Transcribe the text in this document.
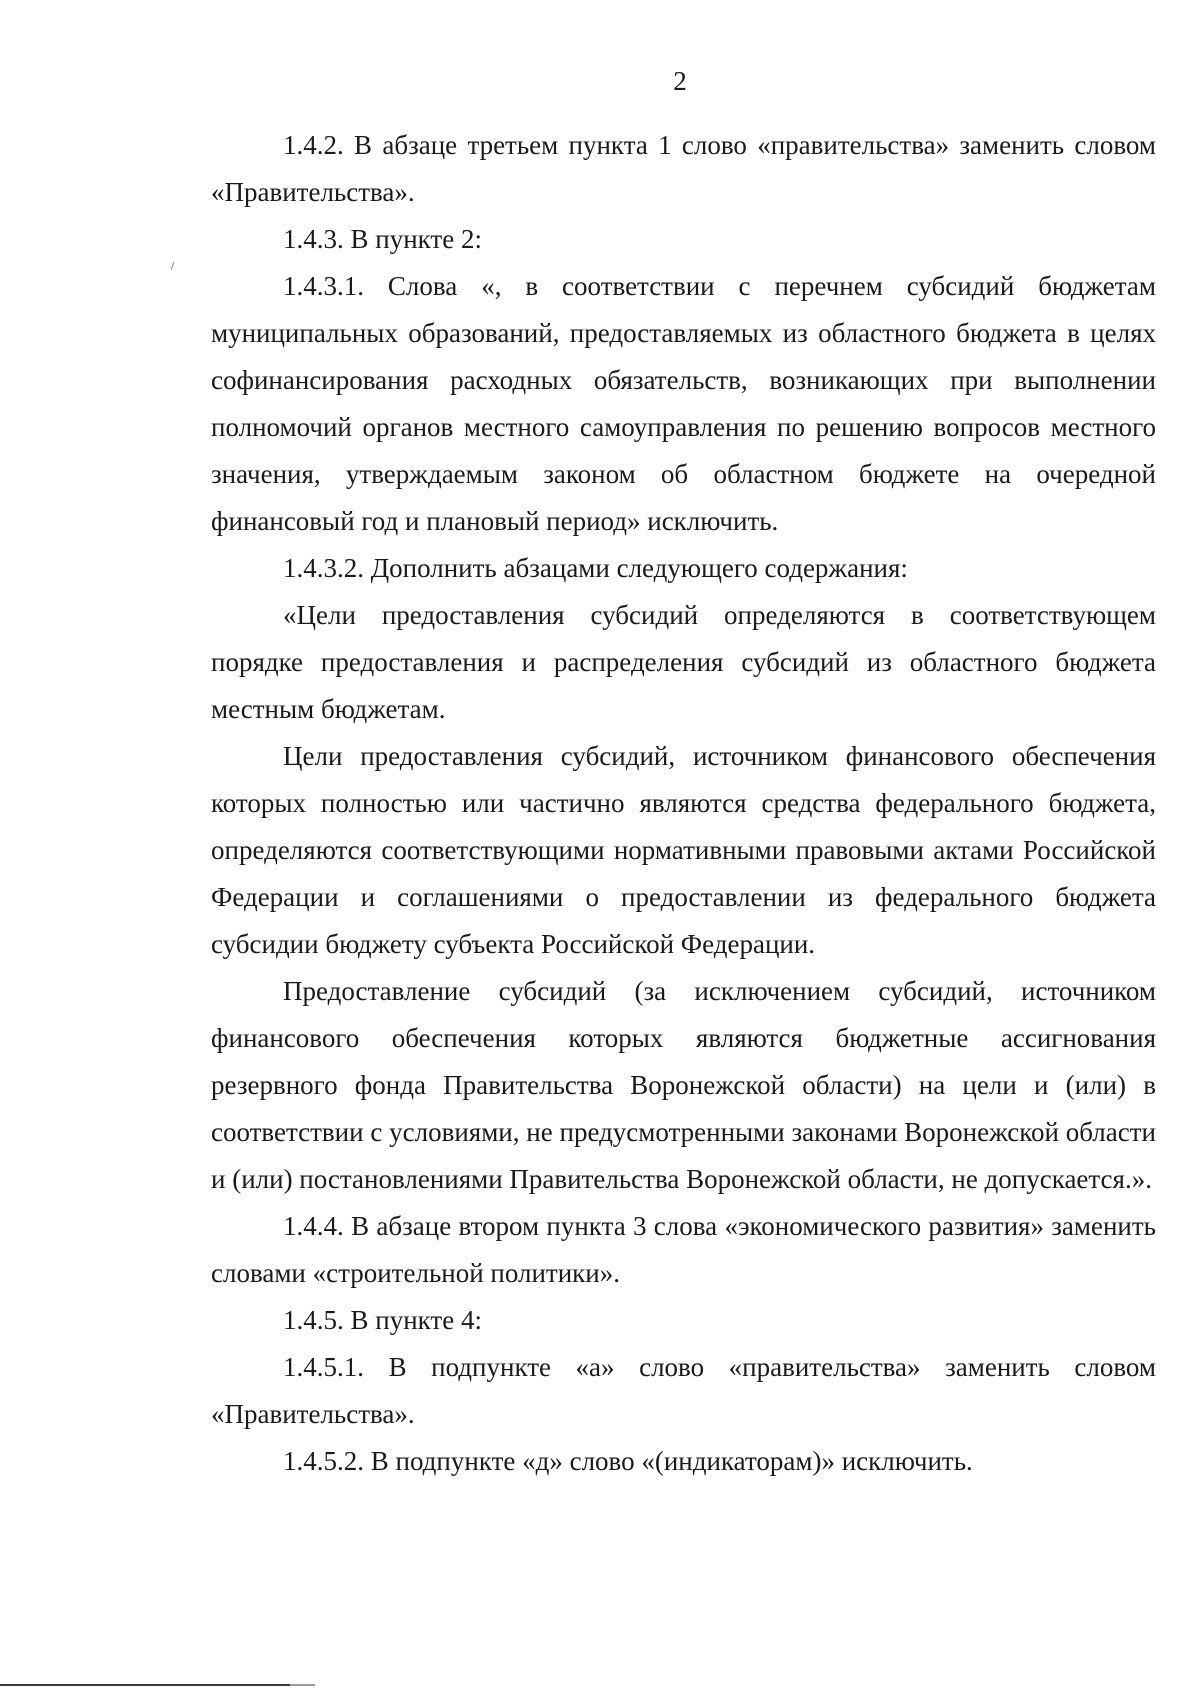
2

1.4.2. В абзаце третьем пункта 1 слово «правительства» заменить словом «Правительства».

1.4.3. В пункте 2:

1.4.3.1. Слова «, в соответствии с перечнем субсидий бюджетам муниципальных образований, предоставляемых из областного бюджета в целях софинансирования расходных обязательств, возникающих при выполнении полномочий органов местного самоуправления по решению вопросов местного значения, утверждаемым законом об областном бюджете на очередной финансовый год и плановый период» исключить.

1.4.3.2. Дополнить абзацами следующего содержания:

«Цели предоставления субсидий определяются в соответствующем порядке предоставления и распределения субсидий из областного бюджета местным бюджетам.

Цели предоставления субсидий, источником финансового обеспечения которых полностью или частично являются средства федерального бюджета, определяются соответствующими нормативными правовыми актами Российской Федерации и соглашениями о предоставлении из федерального бюджета субсидии бюджету субъекта Российской Федерации.

Предоставление субсидий (за исключением субсидий, источником финансового обеспечения которых являются бюджетные ассигнования резервного фонда Правительства Воронежской области) на цели и (или) в соответствии с условиями, не предусмотренными законами Воронежской области и (или) постановлениями Правительства Воронежской области, не допускается.».

1.4.4. В абзаце втором пункта 3 слова «экономического развития» заменить словами «строительной политики».

1.4.5. В пункте 4:

1.4.5.1. В подпункте «а» слово «правительства» заменить словом «Правительства».

1.4.5.2. В подпункте «д» слово «(индикаторам)» исключить.
